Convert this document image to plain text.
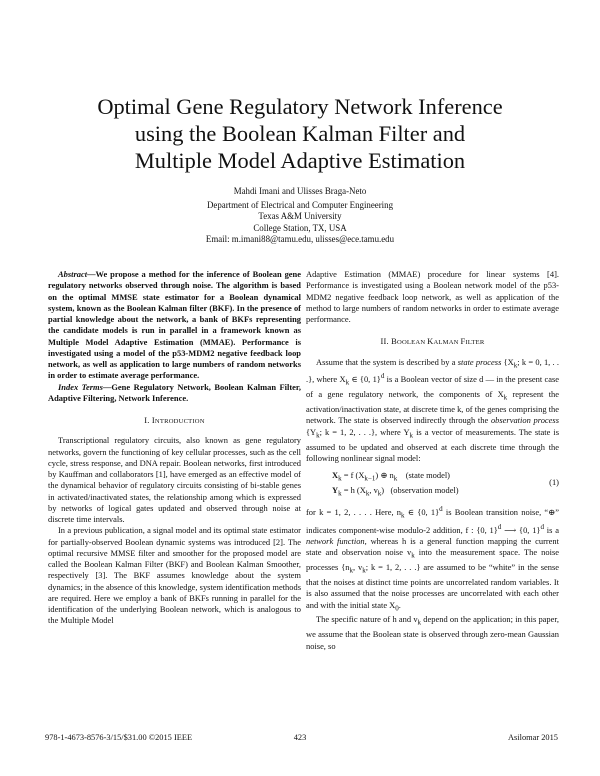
Optimal Gene Regulatory Network Inference
using the Boolean Kalman Filter and
Multiple Model Adaptive Estimation
Mahdi Imani and Ulisses Braga-Neto
Department of Electrical and Computer Engineering
Texas A&M University
College Station, TX, USA
Email: m.imani88@tamu.edu, ulisses@ece.tamu.edu

Abstract—We propose a method for the inference of Boolean gene regulatory networks observed through noise. The algorithm is based on the optimal MMSE state estimator for a Boolean dynamical system, known as the Boolean Kalman filter (BKF). In the presence of partial knowledge about the network, a bank of BKFs representing the candidate models is run in parallel in a framework known as Multiple Model Adaptive Estimation (MMAE). Performance is investigated using a model of the p53-MDM2 negative feedback loop network, as well as application to large numbers of random networks in order to estimate average performance.

Index Terms—Gene Regulatory Network, Boolean Kalman Filter, Adaptive Filtering, Network Inference.

I. INTRODUCTION

Transcriptional regulatory circuits, also known as gene regulatory networks, govern the functioning of key cellular processes, such as the cell cycle, stress response, and DNA repair. Boolean networks, first introduced by Kauffman and collaborators [1], have emerged as an effective model of the dynamical behavior of regulatory circuits consisting of bi-stable genes in activated/inactivated states, the relationship among which is expressed by networks of logical gates updated and observed through noise at discrete time intervals.

In a previous publication, a signal model and its optimal state estimator for partially-observed Boolean dynamic systems was introduced [2]. The optimal recursive MMSE filter and smoother for the proposed model are called the Boolean Kalman Filter (BKF) and Boolean Kalman Smoother, respectively [3]. The BKF assumes knowledge about the system dynamics; in the absence of this knowledge, system identification methods are required. Here we employ a bank of BKFs running in parallel for the identification of the underlying Boolean network, which is analogous to the Multiple Model

Adaptive Estimation (MMAE) procedure for linear systems [4]. Performance is investigated using a Boolean network model of the p53-MDM2 negative feedback loop network, as well as application of the method to large numbers of random networks in order to estimate average performance.

II. BOOLEAN KALMAN FILTER

Assume that the system is described by a state process {$X_k$; k = 0, 1, . . .}, where $X_k$ ∈ {0, 1}$^d$ is a Boolean vector of size d — in the present case of a gene regulatory network, the components of $X_k$ represent the activation/inactivation state, at discrete time k, of the genes comprising the network. The state is observed indirectly through the observation process {$Y_k$; k = 1, 2, . . .}, where $Y_k$ is a vector of measurements. The state is assumed to be updated and observed at each discrete time through the following nonlinear signal model:

$X_k = f$ $(X_{k-1})$ ⊕ $n_k$ (state model)
$Y_k = h$ ($X_k$, $v_k$)   (observation model)
(1)

for k = 1, 2, . . . . Here, $n_k$ ∈ {0, 1}$^d$ is Boolean transition noise, “⊕” indicates component-wise modulo-2 addition, f : {0, 1}$^d$ ⟶ {0, 1}$^d$ is a network function, whereas h is a general function mapping the current state and observation noise $v_k$ into the measurement space. The noise processes {$n_k$, $v_k$; k = 1, 2, . . .} are assumed to be “white” in the sense that the noises at distinct time points are uncorrelated random variables. It is also assumed that the noise processes are uncorrelated with each other and with the initial state $X_0$.

The specific nature of h and $v_k$ depend on the application; in this paper, we assume that the Boolean state is observed through zero-mean Gaussian noise, so

978-1-4673-8576-3/15/$31.00 ©2015 IEEE	423	Asilomar 2015
